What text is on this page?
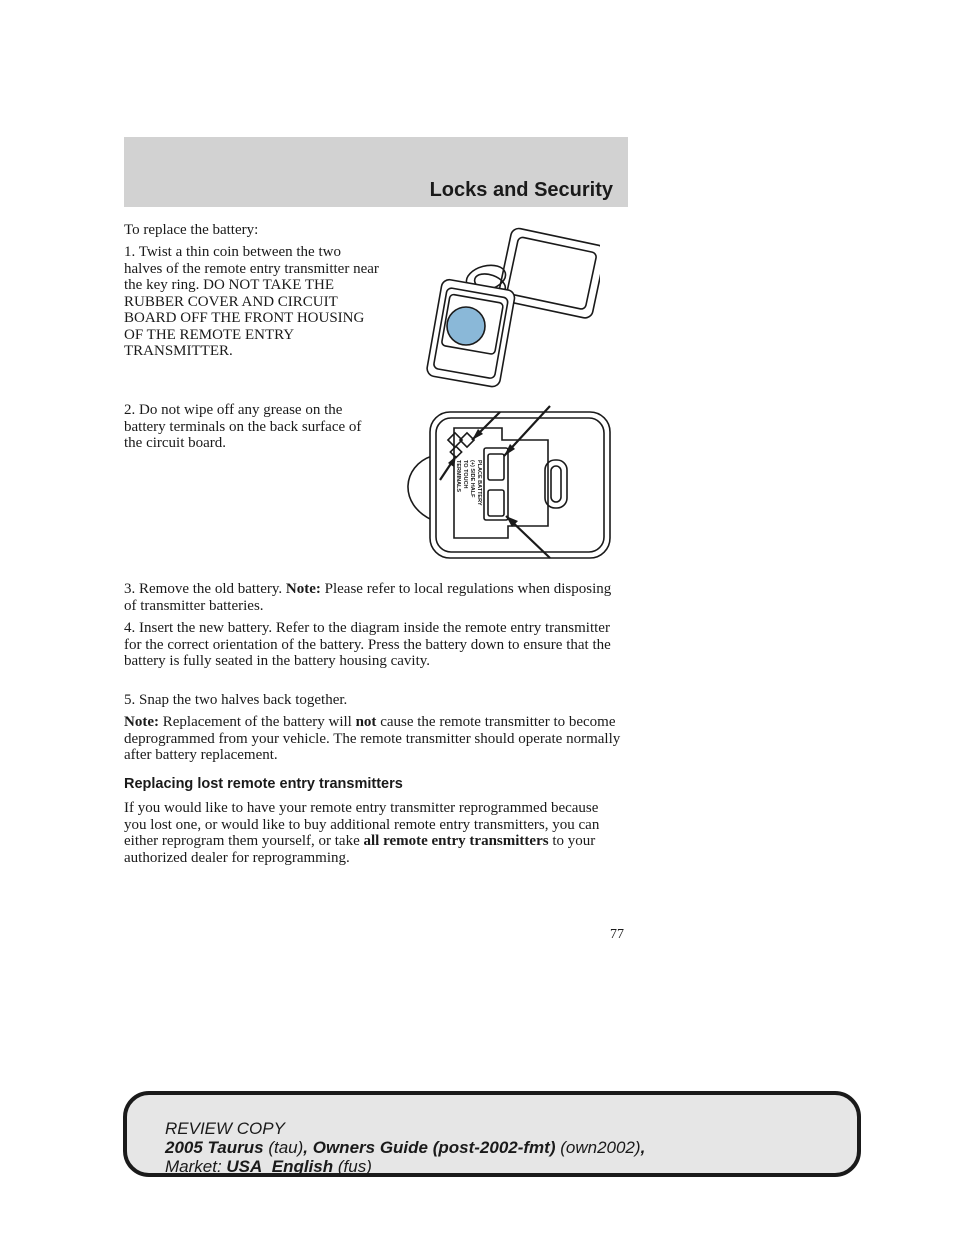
Locks and Security

To replace the battery:

1. Twist a thin coin between the two halves of the remote entry transmitter near the key ring. DO NOT TAKE THE RUBBER COVER AND CIRCUIT BOARD OFF THE FRONT HOUSING OF THE REMOTE ENTRY TRANSMITTER.

2. Do not wipe off any grease on the battery terminals on the back surface of the circuit board.

PLACE BATTERY
(+) SIDE HALF
TO TOUCH
TERMINALS

3. Remove the old battery. Note: Please refer to local regulations when disposing of transmitter batteries.

4. Insert the new battery. Refer to the diagram inside the remote entry transmitter for the correct orientation of the battery. Press the battery down to ensure that the battery is fully seated in the battery housing cavity.

5. Snap the two halves back together.

Note: Replacement of the battery will not cause the remote transmitter to become deprogrammed from your vehicle. The remote transmitter should operate normally after battery replacement.

Replacing lost remote entry transmitters

If you would like to have your remote entry transmitter reprogrammed because you lost one, or would like to buy additional remote entry transmitters, you can either reprogram them yourself, or take all remote entry transmitters to your authorized dealer for reprogramming.

77
REVIEW COPY
2005 Taurus (tau), Owners Guide (post-2002-fmt) (own2002),
Market: USA_English (fus)
